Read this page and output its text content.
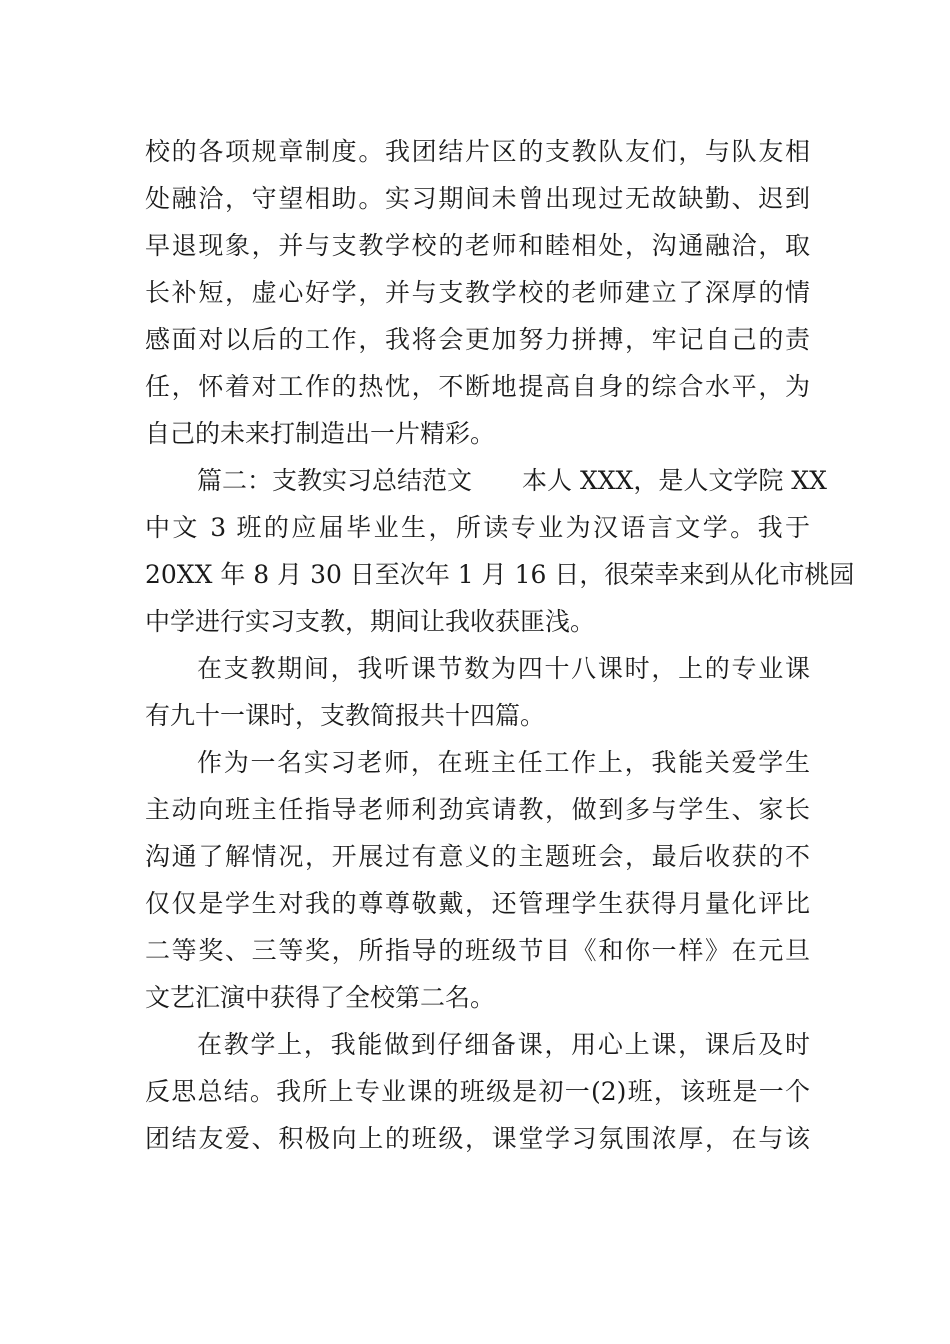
校的各项规章制度。我团结片区的支教队友们，与队友相
处融洽，守望相助。实习期间未曾出现过无故缺勤、迟到
早退现象，并与支教学校的老师和睦相处，沟通融洽，取
长补短，虚心好学，并与支教学校的老师建立了深厚的情
感面对以后的工作，我将会更加努力拼搏，牢记自己的责
任，怀着对工作的热忱，不断地提高自身的综合水平，为
自己的未来打制造出一片精彩。
篇二：支教实习总结范文　　本人 XXX，是人文学院 XX
中文 3 班的应届毕业生，所读专业为汉语言文学。我于
20XX 年 8 月 30 日至次年 1 月 16 日，很荣幸来到从化市桃园
中学进行实习支教，期间让我收获匪浅。
在支教期间，我听课节数为四十八课时，上的专业课
有九十一课时，支教简报共十四篇。
作为一名实习老师，在班主任工作上，我能关爱学生
主动向班主任指导老师利劲宾请教，做到多与学生、家长
沟通了解情况，开展过有意义的主题班会，最后收获的不
仅仅是学生对我的尊尊敬戴，还管理学生获得月量化评比
二等奖、三等奖，所指导的班级节目《和你一样》在元旦
文艺汇演中获得了全校第二名。
在教学上，我能做到仔细备课，用心上课，课后及时
反思总结。我所上专业课的班级是初一(2)班，该班是一个
团结友爱、积极向上的班级，课堂学习氛围浓厚，在与该
